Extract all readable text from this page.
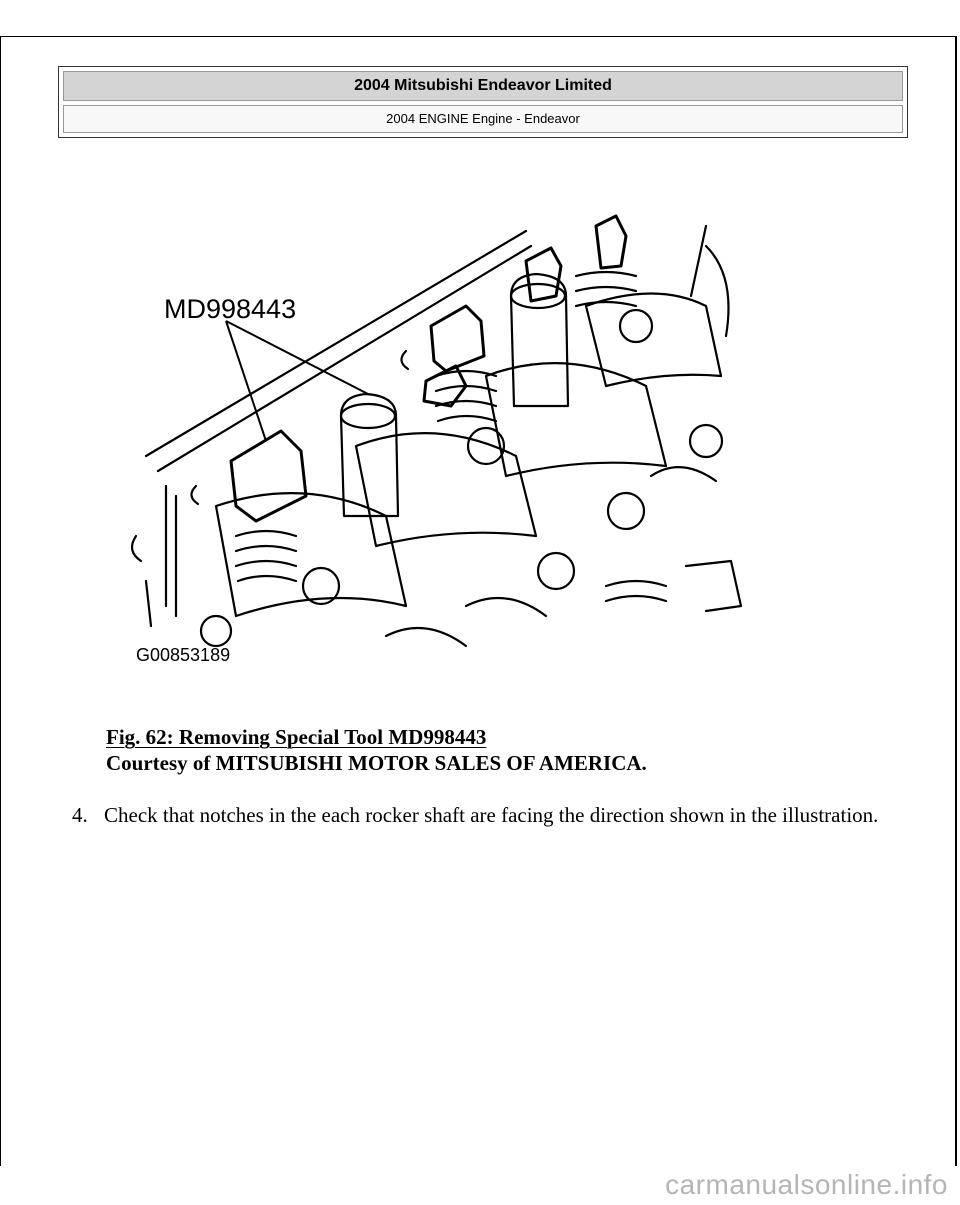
2004 Mitsubishi Endeavor Limited
2004 ENGINE Engine - Endeavor
MD998443
G00853189
Fig. 62: Removing Special Tool MD998443
Courtesy of MITSUBISHI MOTOR SALES OF AMERICA.
4. Check that notches in the each rocker shaft are facing the direction shown in the illustration.
carmanualsonline.info
